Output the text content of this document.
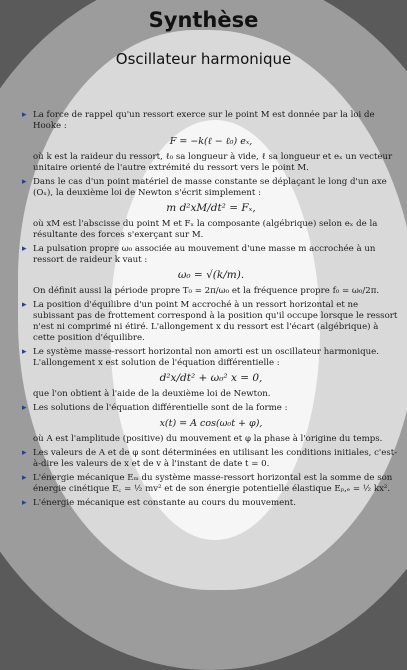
Synthèse
Oscillateur harmonique
▸ La force de rappel qu'un ressort exerce sur le point M est donnée par la loi de Hooke :
F = −k(ℓ − ℓ₀) eₓ,
où k est la raideur du ressort, ℓ₀ sa longueur à vide, ℓ sa longueur et eₓ un vecteur unitaire orienté de l'autre extrémité du ressort vers le point M.
▸ Dans le cas d'un point matériel de masse constante se déplaçant le long d'un axe (Oₓ), la deuxième loi de Newton s'écrit simplement :
m d²xM/dt² = Fₓ,
où xM est l'abscisse du point M et Fₓ la composante (algébrique) selon eₓ de la résultante des forces s'exerçant sur M.
▸ La pulsation propre ω₀ associée au mouvement d'une masse m accrochée à un ressort de raideur k vaut :
ω₀ = √(k/m).
On définit aussi la période propre T₀ = 2π/ω₀ et la fréquence propre f₀ = ω₀/2π.
▸ La position d'équilibre d'un point M accroché à un ressort horizontal et ne subissant pas de frottement correspond à la position qu'il occupe lorsque le ressort n'est ni comprimé ni étiré. L'allongement x du ressort est l'écart (algébrique) à cette position d'équilibre.
▸ Le système masse-ressort horizontal non amorti est un oscillateur harmonique. L'allongement x est solution de l'équation différentielle :
d²x/dt² + ω₀² x = 0,
que l'on obtient à l'aide de la deuxième loi de Newton.
▸ Les solutions de l'équation différentielle sont de la forme :
x(t) = A cos(ω₀t + φ),
où A est l'amplitude (positive) du mouvement et φ la phase à l'origine du temps.
▸ Les valeurs de A et de φ sont déterminées en utilisant les conditions initiales, c'est-à-dire les valeurs de x et de v à l'instant de date t = 0.
▸ L'énergie mécanique Eₘ du système masse-ressort horizontal est la somme de son énergie cinétique E꜀ = ½ mv² et de son énergie potentielle élastique Eₚ,ₑ = ½ kx².
▸ L'énergie mécanique est constante au cours du mouvement.
